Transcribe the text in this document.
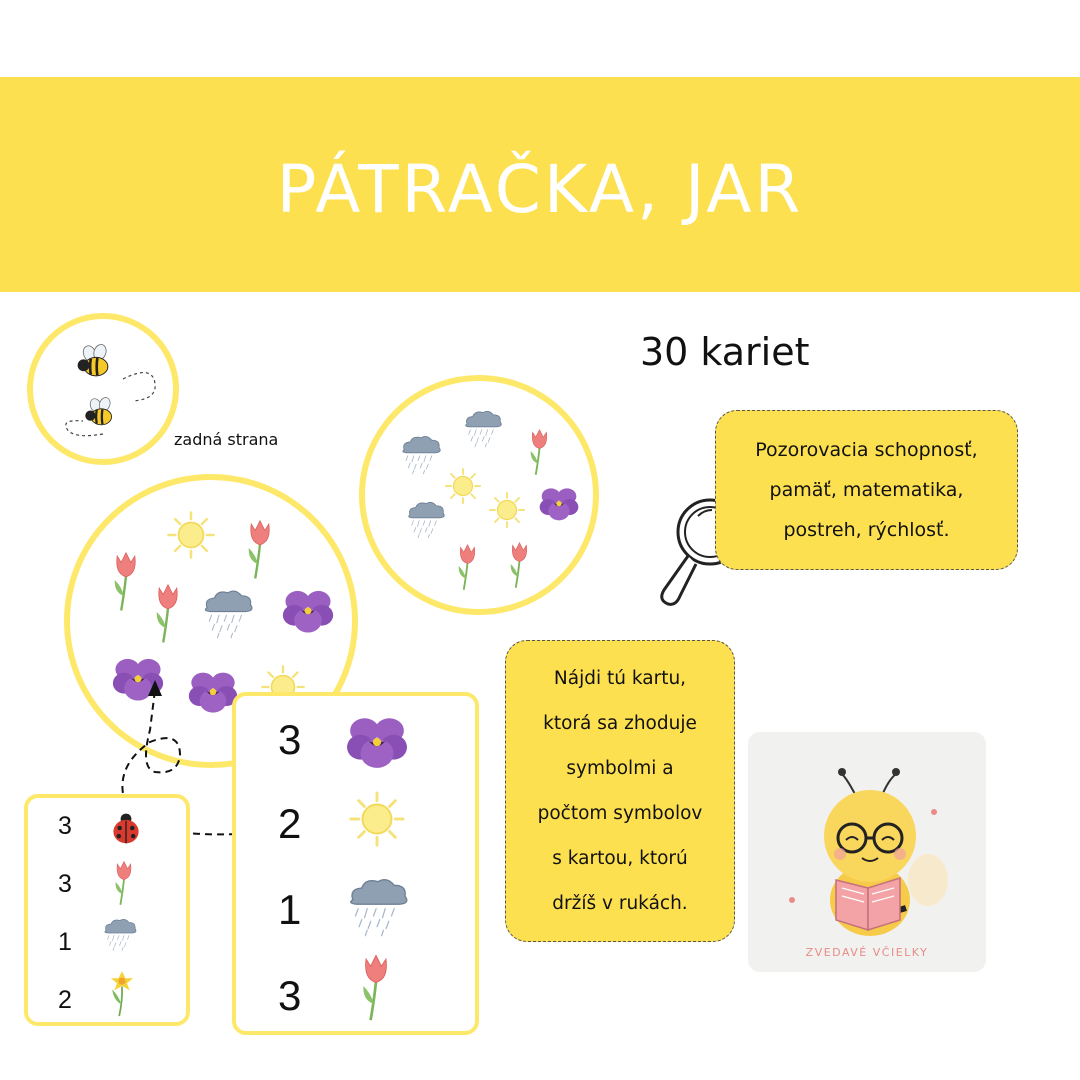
PÁTRAČKA, JAR
zadná strana
30 kariet
Pozorovacia schopnosť,
pamäť, matematika,
postreh, rýchlosť.
Nájdi tú kartu,
ktorá sa zhoduje
symbolmi a
počtom symbolov
s kartou, ktorú
držíš v rukách.
3
3
1
2
3
2
1
3
ZVEDAVÉ VČIELKY
